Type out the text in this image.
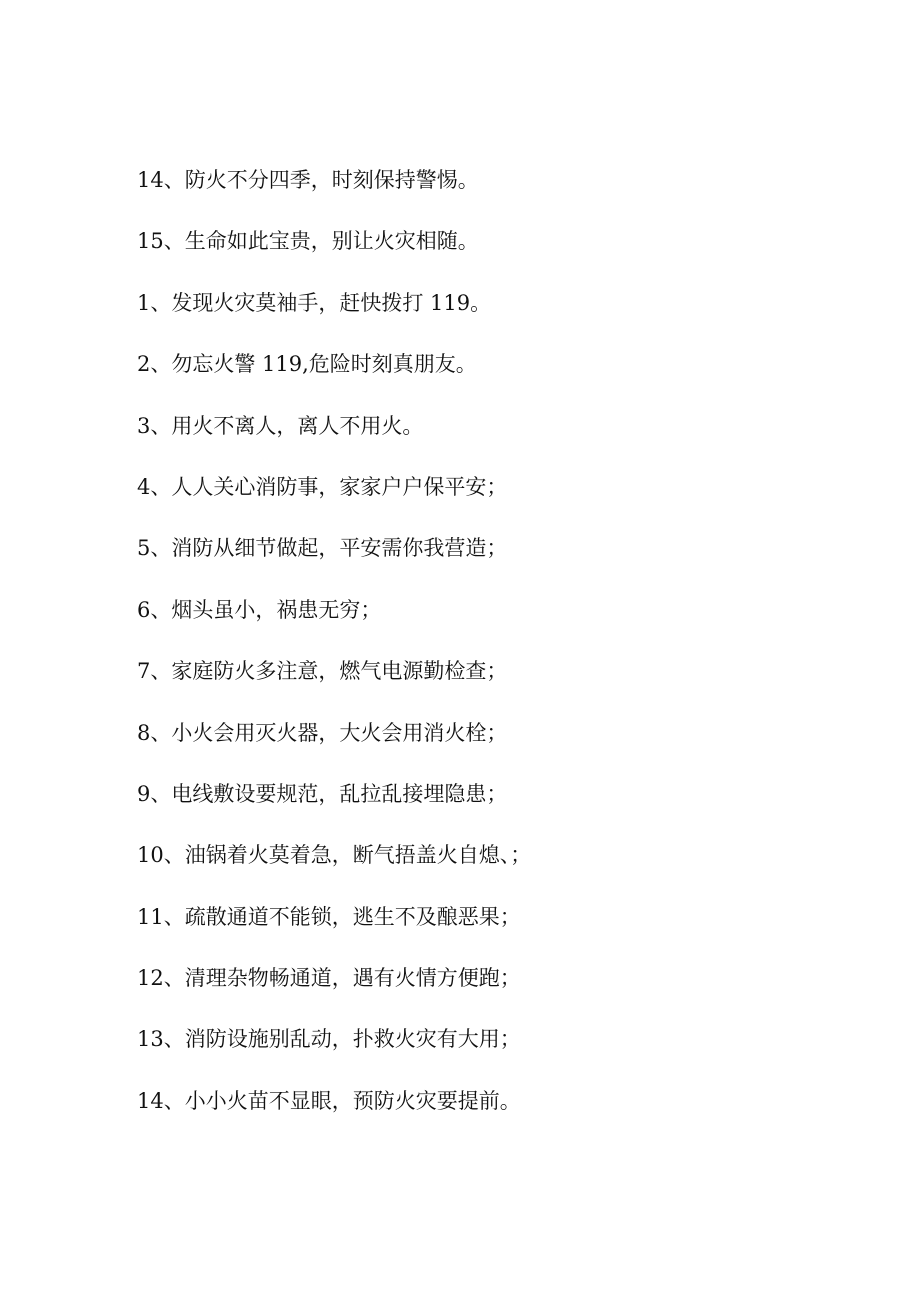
14、防火不分四季，时刻保持警惕。
15、生命如此宝贵，别让火灾相随。
1、发现火灾莫袖手，赶快拨打 119。
2、勿忘火警 119,危险时刻真朋友。
3、用火不离人，离人不用火。
4、人人关心消防事，家家户户保平安；
5、消防从细节做起，平安需你我营造；
6、烟头虽小，祸患无穷；
7、家庭防火多注意，燃气电源勤检查；
8、小火会用灭火器，大火会用消火栓；
9、电线敷设要规范，乱拉乱接埋隐患；
10、油锅着火莫着急，断气捂盖火自熄、；
11、疏散通道不能锁，逃生不及酿恶果；
12、清理杂物畅通道，遇有火情方便跑；
13、消防设施别乱动，扑救火灾有大用；
14、小小火苗不显眼，预防火灾要提前。
